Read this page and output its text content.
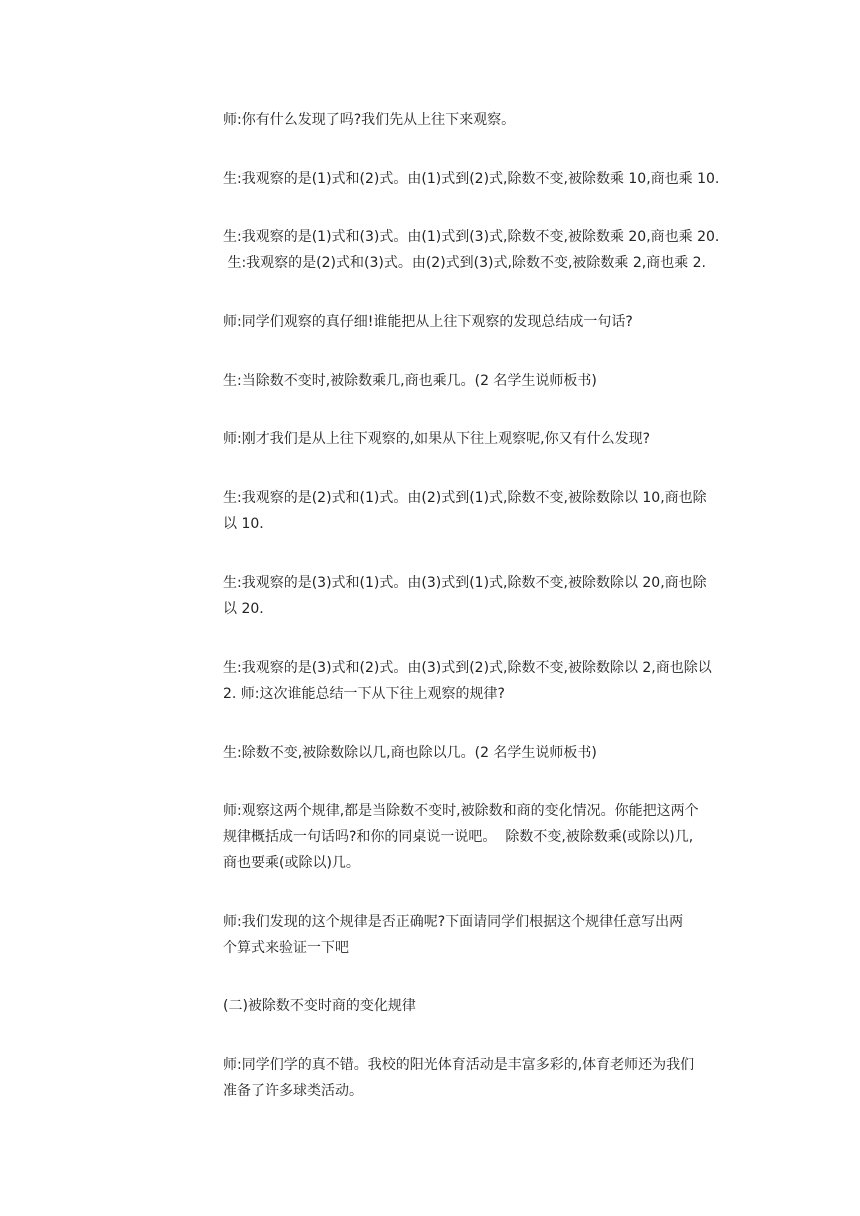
师:你有什么发现了吗?我们先从上往下来观察。
生:我观察的是(1)式和(2)式。由(1)式到(2)式,除数不变,被除数乘 10,商也乘 10.
生:我观察的是(1)式和(3)式。由(1)式到(3)式,除数不变,被除数乘 20,商也乘 20.
生:我观察的是(2)式和(3)式。由(2)式到(3)式,除数不变,被除数乘 2,商也乘 2.
师:同学们观察的真仔细!谁能把从上往下观察的发现总结成一句话?
生:当除数不变时,被除数乘几,商也乘几。(2 名学生说师板书)
师:刚才我们是从上往下观察的,如果从下往上观察呢,你又有什么发现?
生:我观察的是(2)式和(1)式。由(2)式到(1)式,除数不变,被除数除以 10,商也除
以 10.
生:我观察的是(3)式和(1)式。由(3)式到(1)式,除数不变,被除数除以 20,商也除
以 20.
生:我观察的是(3)式和(2)式。由(3)式到(2)式,除数不变,被除数除以 2,商也除以
2. 师:这次谁能总结一下从下往上观察的规律?
生:除数不变,被除数除以几,商也除以几。(2 名学生说师板书)
师:观察这两个规律,都是当除数不变时,被除数和商的变化情况。你能把这两个
规律概括成一句话吗?和你的同桌说一说吧。  除数不变,被除数乘(或除以)几,
商也要乘(或除以)几。
师:我们发现的这个规律是否正确呢?下面请同学们根据这个规律任意写出两
个算式来验证一下吧
(二)被除数不变时商的变化规律
师:同学们学的真不错。我校的阳光体育活动是丰富多彩的,体育老师还为我们
准备了许多球类活动。
